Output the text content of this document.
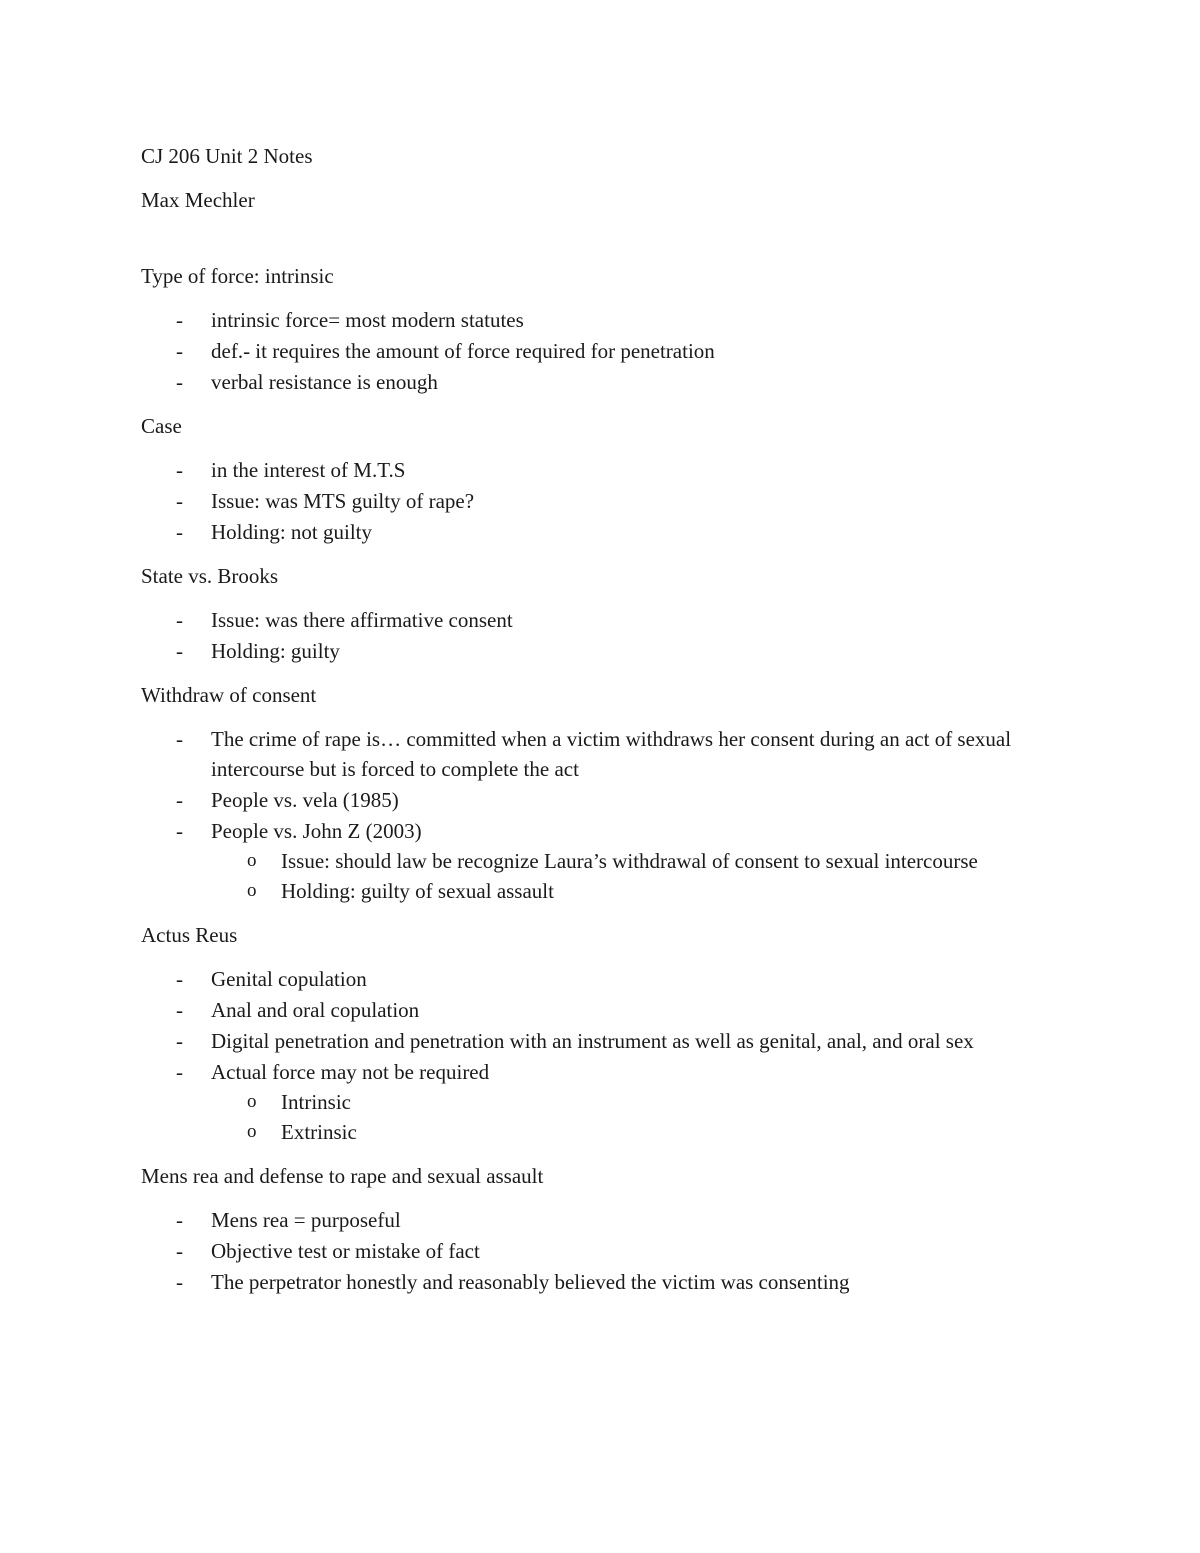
CJ 206 Unit 2 Notes

Max Mechler

Type of force: intrinsic

- intrinsic force= most modern statutes
- def.- it requires the amount of force required for penetration
- verbal resistance is enough

Case

- in the interest of M.T.S
- Issue: was MTS guilty of rape?
- Holding: not guilty

State vs. Brooks

- Issue: was there affirmative consent
- Holding: guilty

Withdraw of consent

- The crime of rape is… committed when a victim withdraws her consent during an act of sexual intercourse but is forced to complete the act
- People vs. vela (1985)
- People vs. John Z (2003)
o Issue: should law be recognize Laura’s withdrawal of consent to sexual intercourse
o Holding: guilty of sexual assault

Actus Reus

- Genital copulation
- Anal and oral copulation
- Digital penetration and penetration with an instrument as well as genital, anal, and oral sex
- Actual force may not be required
o Intrinsic
o Extrinsic

Mens rea and defense to rape and sexual assault

- Mens rea = purposeful
- Objective test or mistake of fact
- The perpetrator honestly and reasonably believed the victim was consenting
